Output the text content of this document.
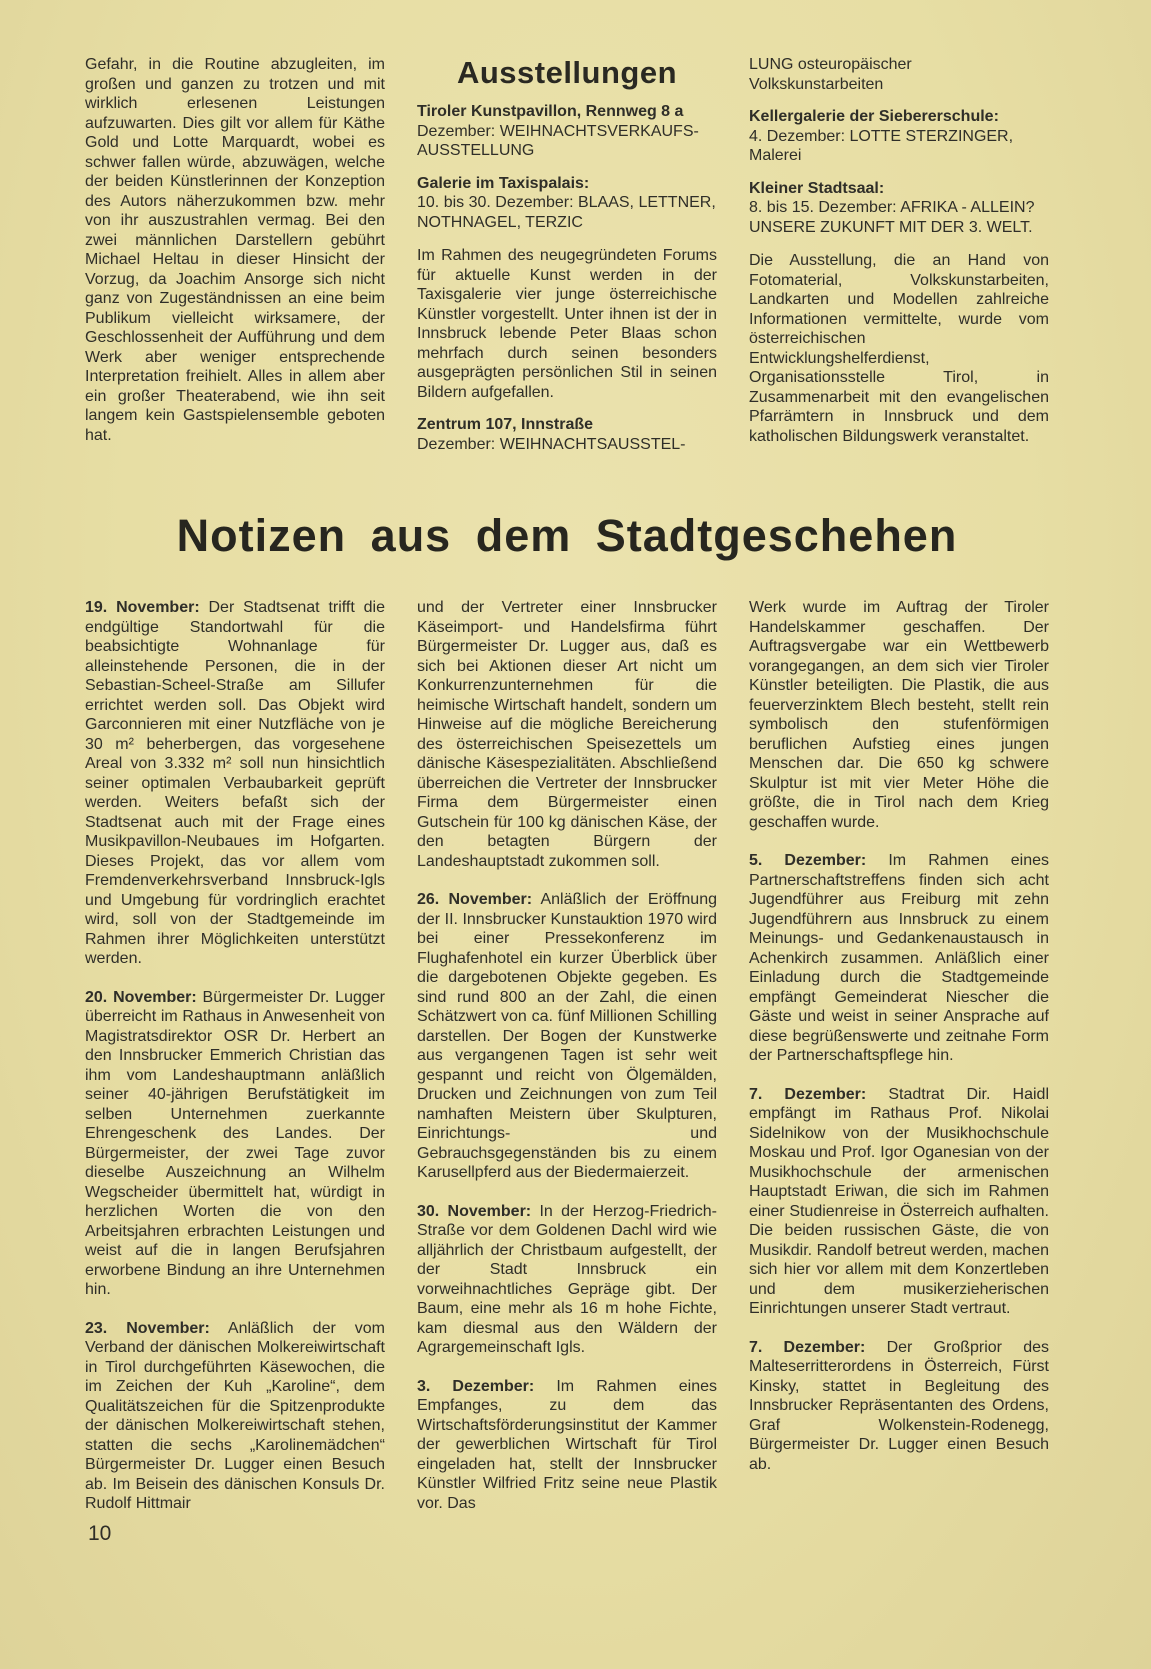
Gefahr, in die Routine abzugleiten, im großen und ganzen zu trotzen und mit wirklich erlesenen Leistungen aufzuwarten. Dies gilt vor allem für Käthe Gold und Lotte Marquardt, wobei es schwer fallen würde, abzuwägen, welche der beiden Künstlerinnen der Konzeption des Autors näherzukommen bzw. mehr von ihr auszustrahlen vermag. Bei den zwei männlichen Darstellern gebührt Michael Heltau in dieser Hinsicht der Vorzug, da Joachim Ansorge sich nicht ganz von Zugeständnissen an eine beim Publikum vielleicht wirksamere, der Geschlossenheit der Aufführung und dem Werk aber weniger entsprechende Interpretation freihielt. Alles in allem aber ein großer Theaterabend, wie ihn seit langem kein Gastspielensemble geboten hat.

Ausstellungen

Tiroler Kunstpavillon, Rennweg 8 a

Dezember: WEIHNACHTSVERKAUFS-AUSSTELLUNG

Galerie im Taxispalais:

10. bis 30. Dezember: BLAAS, LETTNER, NOTHNAGEL, TERZIC

Im Rahmen des neugegründeten Forums für aktuelle Kunst werden in der Taxisgalerie vier junge österreichische Künstler vorgestellt. Unter ihnen ist der in Innsbruck lebende Peter Blaas schon mehrfach durch seinen besonders ausgeprägten persönlichen Stil in seinen Bildern aufgefallen.

Zentrum 107, Innstraße

Dezember: WEIHNACHTSAUSSTEL-

LUNG osteuropäischer Volkskunstarbeiten

Kellergalerie der Siebererschule:

4. Dezember: LOTTE STERZINGER, Malerei

Kleiner Stadtsaal:

8. bis 15. Dezember: AFRIKA - ALLEIN? UNSERE ZUKUNFT MIT DER 3. WELT.

Die Ausstellung, die an Hand von Fotomaterial, Volkskunstarbeiten, Landkarten und Modellen zahlreiche Informationen vermittelte, wurde vom österreichischen Entwicklungshelferdienst, Organisationsstelle Tirol, in Zusammenarbeit mit den evangelischen Pfarrämtern in Innsbruck und dem katholischen Bildungswerk veranstaltet.

Notizen aus dem Stadtgeschehen

19. November: Der Stadtsenat trifft die endgültige Standortwahl für die beabsichtigte Wohnanlage für alleinstehende Personen, die in der Sebastian-Scheel-Straße am Sillufer errichtet werden soll. Das Objekt wird Garconnieren mit einer Nutzfläche von je 30 m² beherbergen, das vorgesehene Areal von 3.332 m² soll nun hinsichtlich seiner optimalen Verbaubarkeit geprüft werden. Weiters befaßt sich der Stadtsenat auch mit der Frage eines Musikpavillon-Neubaues im Hofgarten. Dieses Projekt, das vor allem vom Fremdenverkehrsverband Innsbruck-Igls und Umgebung für vordringlich erachtet wird, soll von der Stadtgemeinde im Rahmen ihrer Möglichkeiten unterstützt werden.

20. November: Bürgermeister Dr. Lugger überreicht im Rathaus in Anwesenheit von Magistratsdirektor OSR Dr. Herbert an den Innsbrucker Emmerich Christian das ihm vom Landeshauptmann anläßlich seiner 40-jährigen Berufstätigkeit im selben Unternehmen zuerkannte Ehrengeschenk des Landes. Der Bürgermeister, der zwei Tage zuvor dieselbe Auszeichnung an Wilhelm Wegscheider übermittelt hat, würdigt in herzlichen Worten die von den Arbeitsjahren erbrachten Leistungen und weist auf die in langen Berufsjahren erworbene Bindung an ihre Unternehmen hin.

23. November: Anläßlich der vom Verband der dänischen Molkereiwirtschaft in Tirol durchgeführten Käsewochen, die im Zeichen der Kuh „Karoline“, dem Qualitätszeichen für die Spitzenprodukte der dänischen Molkereiwirtschaft stehen, statten die sechs „Karolinemädchen“ Bürgermeister Dr. Lugger einen Besuch ab. Im Beisein des dänischen Konsuls Dr. Rudolf Hittmair

und der Vertreter einer Innsbrucker Käseimport- und Handelsfirma führt Bürgermeister Dr. Lugger aus, daß es sich bei Aktionen dieser Art nicht um Konkurrenzunternehmen für die heimische Wirtschaft handelt, sondern um Hinweise auf die mögliche Bereicherung des österreichischen Speisezettels um dänische Käsespezialitäten. Abschließend überreichen die Vertreter der Innsbrucker Firma dem Bürgermeister einen Gutschein für 100 kg dänischen Käse, der den betagten Bürgern der Landeshauptstadt zukommen soll.

26. November: Anläßlich der Eröffnung der II. Innsbrucker Kunstauktion 1970 wird bei einer Pressekonferenz im Flughafenhotel ein kurzer Überblick über die dargebotenen Objekte gegeben. Es sind rund 800 an der Zahl, die einen Schätzwert von ca. fünf Millionen Schilling darstellen. Der Bogen der Kunstwerke aus vergangenen Tagen ist sehr weit gespannt und reicht von Ölgemälden, Drucken und Zeichnungen von zum Teil namhaften Meistern über Skulpturen, Einrichtungs- und Gebrauchsgegenständen bis zu einem Karusellpferd aus der Biedermaierzeit.

30. November: In der Herzog-Friedrich-Straße vor dem Goldenen Dachl wird wie alljährlich der Christbaum aufgestellt, der der Stadt Innsbruck ein vorweihnachtliches Gepräge gibt. Der Baum, eine mehr als 16 m hohe Fichte, kam diesmal aus den Wäldern der Agrargemeinschaft Igls.

3. Dezember: Im Rahmen eines Empfanges, zu dem das Wirtschaftsförderungsinstitut der Kammer der gewerblichen Wirtschaft für Tirol eingeladen hat, stellt der Innsbrucker Künstler Wilfried Fritz seine neue Plastik vor. Das

Werk wurde im Auftrag der Tiroler Handelskammer geschaffen. Der Auftragsvergabe war ein Wettbewerb vorangegangen, an dem sich vier Tiroler Künstler beteiligten. Die Plastik, die aus feuerverzinktem Blech besteht, stellt rein symbolisch den stufenförmigen beruflichen Aufstieg eines jungen Menschen dar. Die 650 kg schwere Skulptur ist mit vier Meter Höhe die größte, die in Tirol nach dem Krieg geschaffen wurde.

5. Dezember: Im Rahmen eines Partnerschaftstreffens finden sich acht Jugendführer aus Freiburg mit zehn Jugendführern aus Innsbruck zu einem Meinungs- und Gedankenaustausch in Achenkirch zusammen. Anläßlich einer Einladung durch die Stadtgemeinde empfängt Gemeinderat Niescher die Gäste und weist in seiner Ansprache auf diese begrüßenswerte und zeitnahe Form der Partnerschaftspflege hin.

7. Dezember: Stadtrat Dir. Haidl empfängt im Rathaus Prof. Nikolai Sidelnikow von der Musikhochschule Moskau und Prof. Igor Oganesian von der Musikhochschule der armenischen Hauptstadt Eriwan, die sich im Rahmen einer Studienreise in Österreich aufhalten. Die beiden russischen Gäste, die von Musikdir. Randolf betreut werden, machen sich hier vor allem mit dem Konzertleben und dem musikerzieherischen Einrichtungen unserer Stadt vertraut.

7. Dezember: Der Großprior des Malteserritterordens in Österreich, Fürst Kinsky, stattet in Begleitung des Innsbrucker Repräsentanten des Ordens, Graf Wolkenstein-Rodenegg, Bürgermeister Dr. Lugger einen Besuch ab.

10
